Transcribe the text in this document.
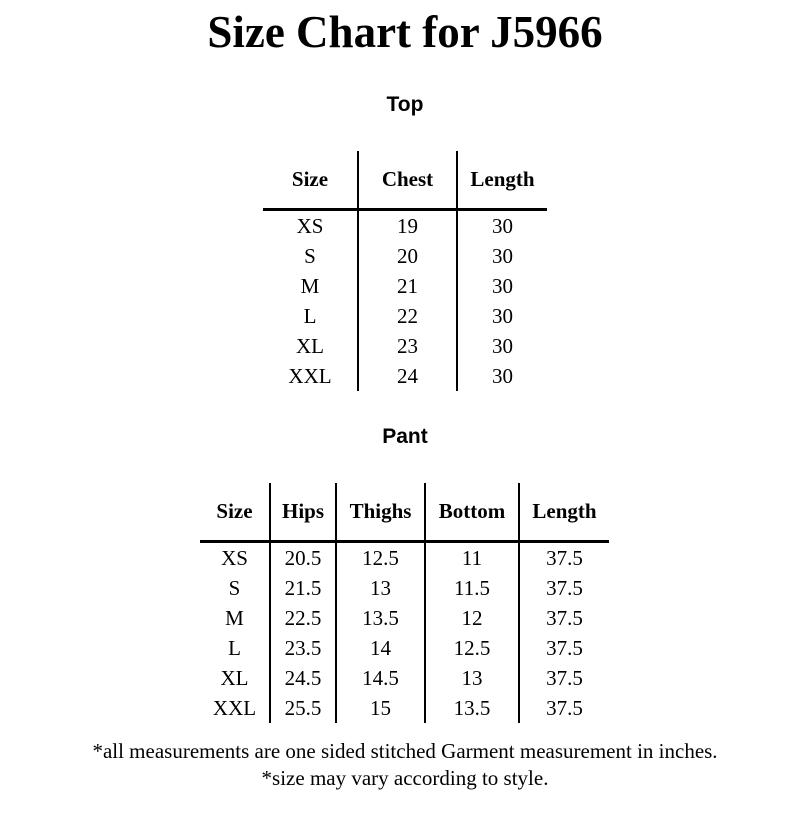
Size Chart for J5966
Top
Size	Chest	Length
XS	19	30
S	20	30
M	21	30
L	22	30
XL	23	30
XXL	24	30
Pant
Size	Hips	Thighs	Bottom	Length
XS	20.5	12.5	11	37.5
S	21.5	13	11.5	37.5
M	22.5	13.5	12	37.5
L	23.5	14	12.5	37.5
XL	24.5	14.5	13	37.5
XXL	25.5	15	13.5	37.5
*all measurements are one sided stitched Garment measurement in inches.
*size may vary according to style.
